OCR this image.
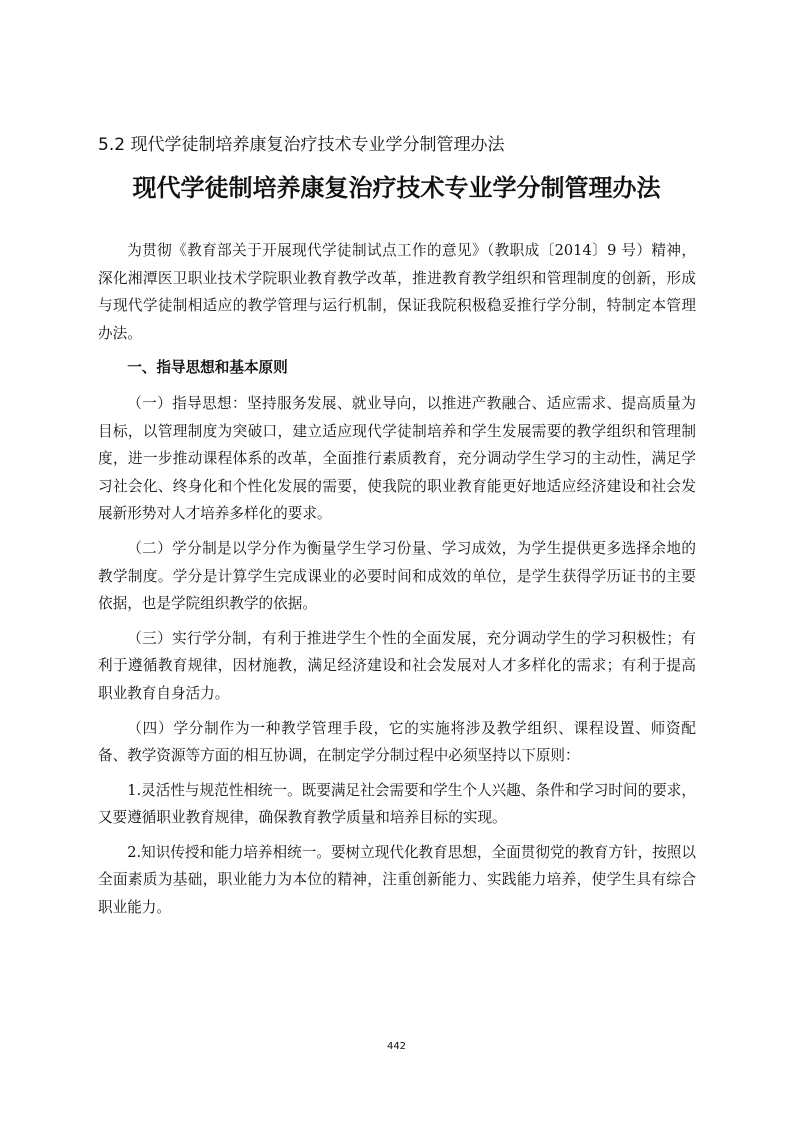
5.2 现代学徒制培养康复治疗技术专业学分制管理办法
现代学徒制培养康复治疗技术专业学分制管理办法

为贯彻《教育部关于开展现代学徒制试点工作的意见》（教职成〔2014〕9 号）精神，深化湘潭医卫职业技术学院职业教育教学改革，推进教育教学组织和管理制度的创新，形成与现代学徒制相适应的教学管理与运行机制，保证我院积极稳妥推行学分制，特制定本管理办法。

一、指导思想和基本原则

（一）指导思想：坚持服务发展、就业导向，以推进产教融合、适应需求、提高质量为目标，以管理制度为突破口，建立适应现代学徒制培养和学生发展需要的教学组织和管理制度，进一步推动课程体系的改革，全面推行素质教育，充分调动学生学习的主动性，满足学习社会化、终身化和个性化发展的需要，使我院的职业教育能更好地适应经济建设和社会发展新形势对人才培养多样化的要求。

（二）学分制是以学分作为衡量学生学习份量、学习成效，为学生提供更多选择余地的教学制度。学分是计算学生完成课业的必要时间和成效的单位，是学生获得学历证书的主要依据，也是学院组织教学的依据。

（三）实行学分制，有利于推进学生个性的全面发展，充分调动学生的学习积极性；有利于遵循教育规律，因材施教，满足经济建设和社会发展对人才多样化的需求；有利于提高职业教育自身活力。

（四）学分制作为一种教学管理手段，它的实施将涉及教学组织、课程设置、师资配备、教学资源等方面的相互协调，在制定学分制过程中必须坚持以下原则：

1.灵活性与规范性相统一。既要满足社会需要和学生个人兴趣、条件和学习时间的要求，又要遵循职业教育规律，确保教育教学质量和培养目标的实现。

2.知识传授和能力培养相统一。要树立现代化教育思想，全面贯彻党的教育方针，按照以全面素质为基础，职业能力为本位的精神，注重创新能力、实践能力培养，使学生具有综合职业能力。

442
